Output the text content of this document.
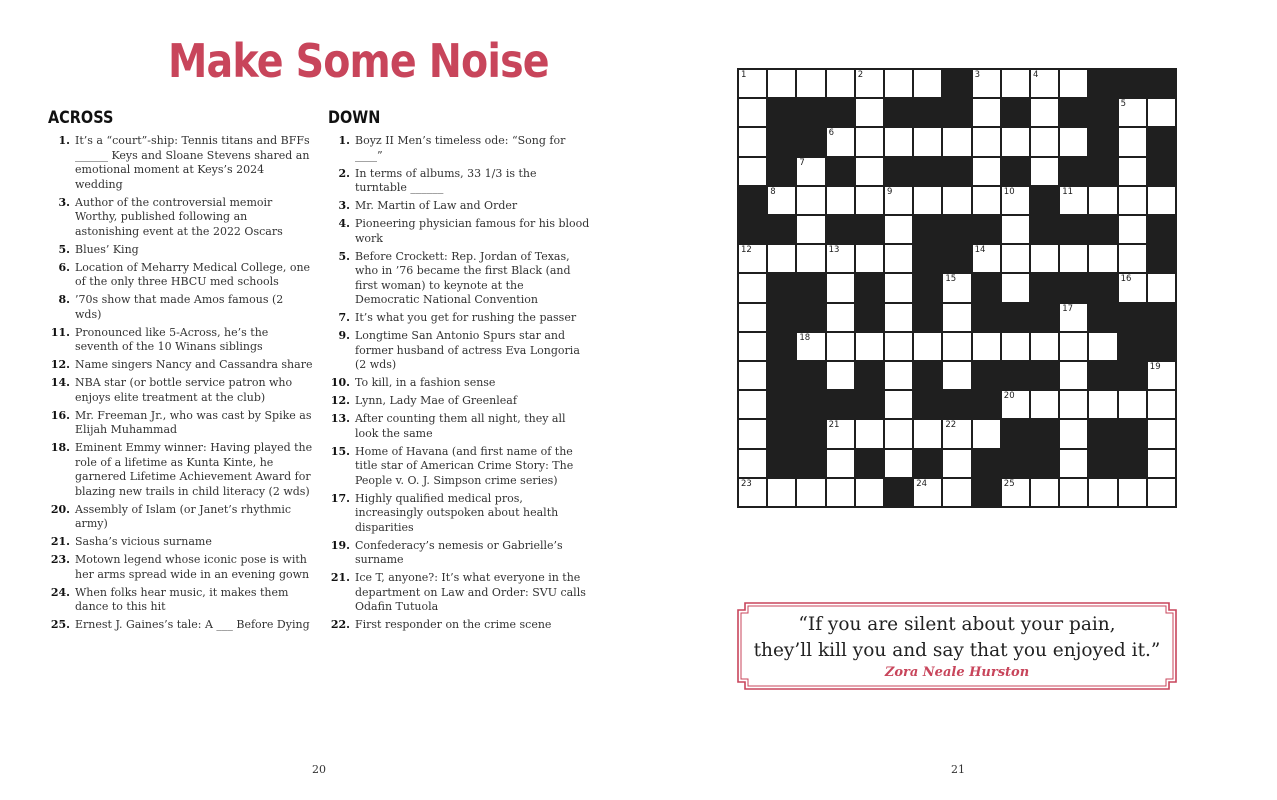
Make Some Noise
ACROSS
1. It’s a “court”-ship: Tennis titans and BFFs ______ Keys and Sloane Stevens shared an emotional moment at Keys’s 2024 wedding
3. Author of the controversial memoir Worthy, published following an astonishing event at the 2022 Oscars
5. Blues’ King
6. Location of Meharry Medical College, one of the only three HBCU med schools
8. ’70s show that made Amos famous (2 wds)
11. Pronounced like 5-Across, he’s the seventh of the 10 Winans siblings
12. Name singers Nancy and Cassandra share
14. NBA star (or bottle service patron who enjoys elite treatment at the club)
16. Mr. Freeman Jr., who was cast by Spike as Elijah Muhammad
18. Eminent Emmy winner: Having played the role of a lifetime as Kunta Kinte, he garnered Lifetime Achievement Award for blazing new trails in child literacy (2 wds)
20. Assembly of Islam (or Janet’s rhythmic army)
21. Sasha’s vicious surname
23. Motown legend whose iconic pose is with her arms spread wide in an evening gown
24. When folks hear music, it makes them dance to this hit
25. Ernest J. Gaines’s tale: A ___ Before Dying
DOWN
1. Boyz II Men’s timeless ode: “Song for ____”
2. In terms of albums, 33 1/3 is the turntable ______
3. Mr. Martin of Law and Order
4. Pioneering physician famous for his blood work
5. Before Crockett: Rep. Jordan of Texas, who in ’76 became the first Black (and first woman) to keynote at the Democratic National Convention
7. It’s what you get for rushing the passer
9. Longtime San Antonio Spurs star and former husband of actress Eva Longoria (2 wds)
10. To kill, in a fashion sense
12. Lynn, Lady Mae of Greenleaf
13. After counting them all night, they all look the same
15. Home of Havana (and first name of the title star of American Crime Story: The People v. O. J. Simpson crime series)
17. Highly qualified medical pros, increasingly outspoken about health disparities
19. Confederacy’s nemesis or Gabrielle’s surname
21. Ice T, anyone?: It’s what everyone in the department on Law and Order: SVU calls Odafin Tutuola
22. First responder on the crime scene
1	2	3	4
5
6
7
8	9	10	11
12	13	14
15	16
17
18
19
20
21	22
23	24	25
“If you are silent about your pain,
they’ll kill you and say that you enjoyed it.”
Zora Neale Hurston
20	21
